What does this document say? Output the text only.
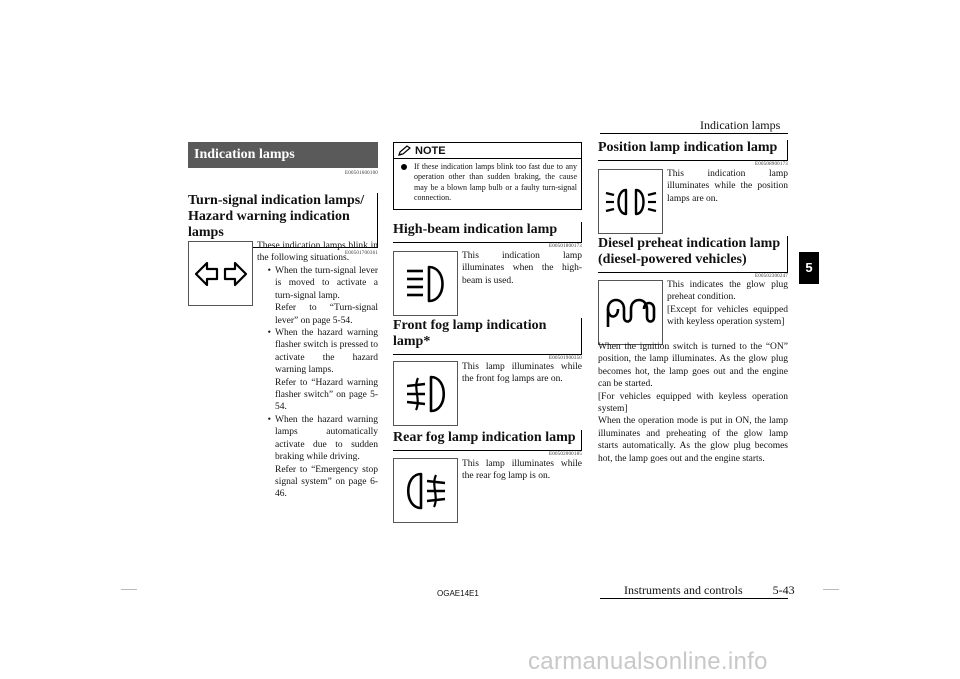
Indication lamps
5
Indication lamps
E00501600100
Turn-signal indication lamps/ Hazard warning indication lamps
E00501700361
These indication lamps blink in the following situations.
• When the turn-signal lever is moved to activate a turn-signal lamp.
Refer to “Turn-signal lever” on page 5-54.
• When the hazard warning flasher switch is pressed to activate the hazard warning lamps.
Refer to “Hazard warning flasher switch” on page 5-54.
• When the hazard warning lamps automatically activate due to sudden braking while driving.
Refer to “Emergency stop signal system” on page 6-46.
NOTE
If these indication lamps blink too fast due to any operation other than sudden braking, the cause may be a blown lamp bulb or a faulty turn-signal connection.
High-beam indication lamp
E00501800173
This indication lamp illuminates when the high-beam is used.
Front fog lamp indication lamp*
E00501900350
This lamp illuminates while the front fog lamps are on.
Rear fog lamp indication lamp
E00502000185
This lamp illuminates while the rear fog lamp is on.
Position lamp indication lamp
E00508900173
This indication lamp illuminates while the position lamps are on.
Diesel preheat indication lamp (diesel-powered vehicles)
E00502300247
This indicates the glow plug preheat condition.
[Except for vehicles equipped with keyless operation system]
When the ignition switch is turned to the “ON” position, the lamp illuminates. As the glow plug becomes hot, the lamp goes out and the engine can be started.
[For vehicles equipped with keyless operation system]
When the operation mode is put in ON, the lamp illuminates and preheating of the glow lamp starts automatically. As the glow plug becomes hot, the lamp goes out and the engine starts.
OGAE14E1	Instruments and controls	5-43
carmanualsonline.info
